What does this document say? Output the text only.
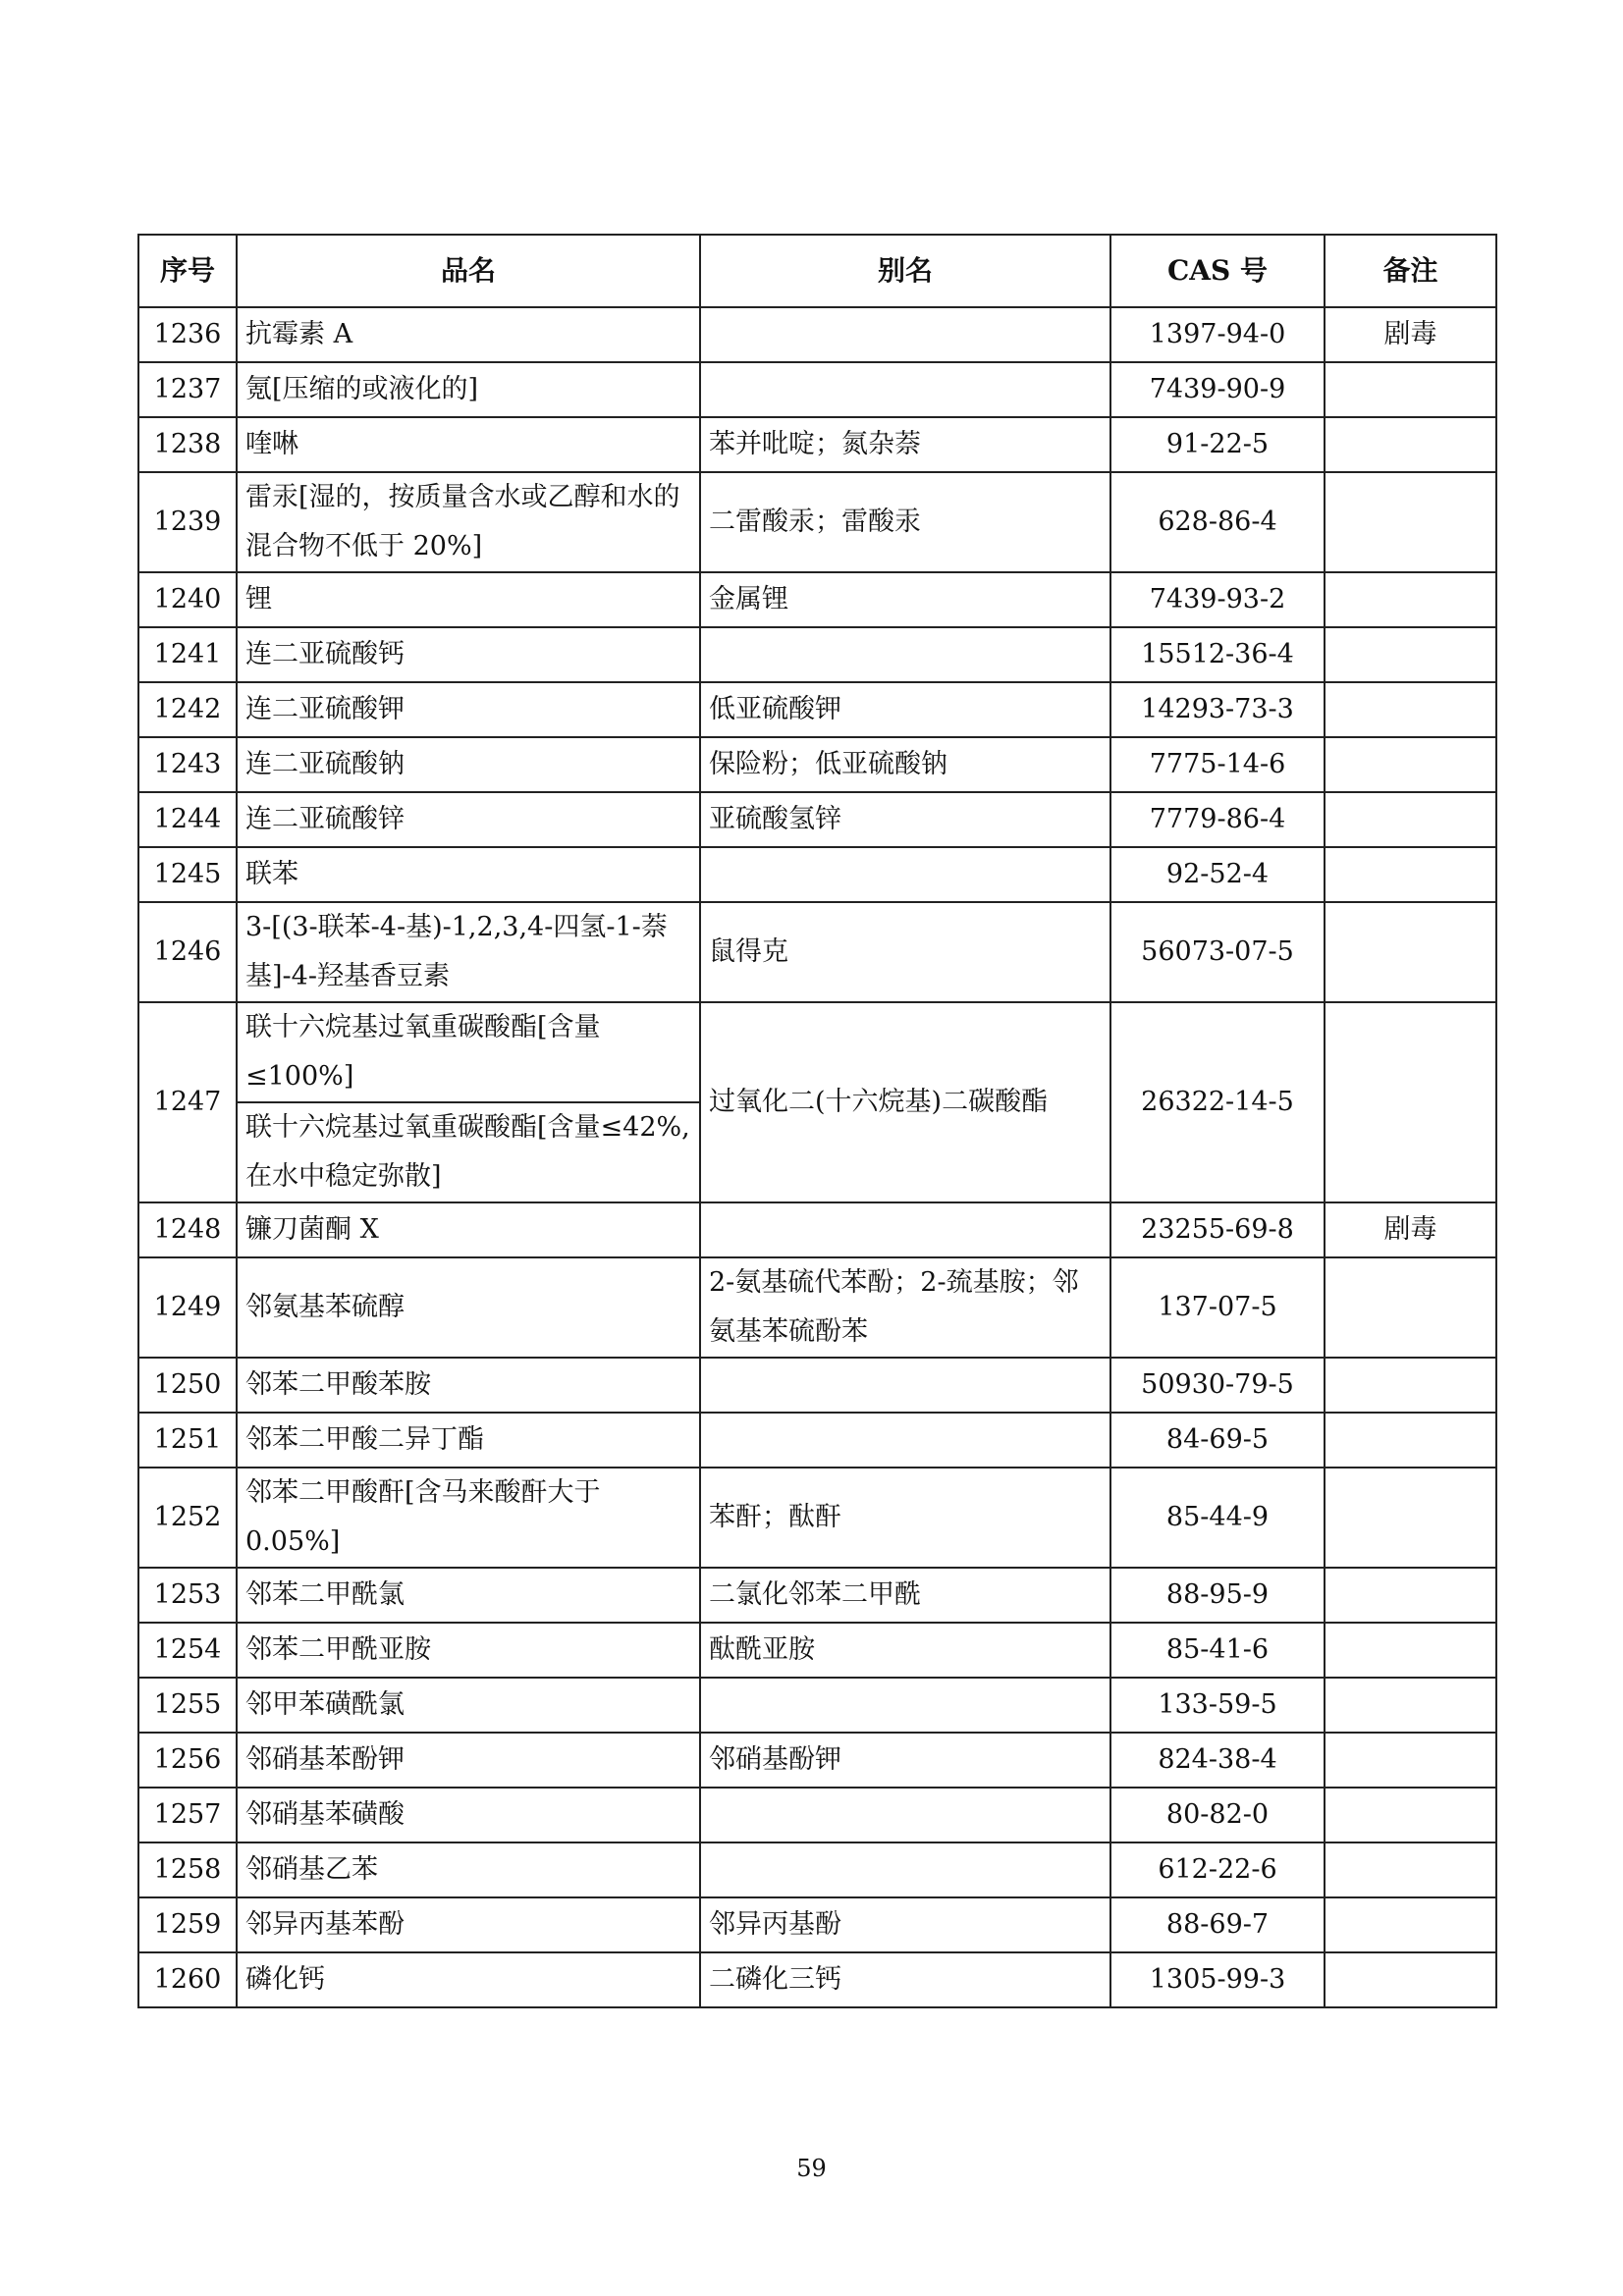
序号	品名	别名	CAS 号	备注
1236	抗霉素 A		1397-94-0	剧毒
1237	氪[压缩的或液化的]		7439-90-9	
1238	喹啉	苯并吡啶；氮杂萘	91-22-5	
1239	雷汞[湿的，按质量含水或乙醇和水的混合物不低于 20%]	二雷酸汞；雷酸汞	628-86-4	
1240	锂	金属锂	7439-93-2	
1241	连二亚硫酸钙		15512-36-4	
1242	连二亚硫酸钾	低亚硫酸钾	14293-73-3	
1243	连二亚硫酸钠	保险粉；低亚硫酸钠	7775-14-6	
1244	连二亚硫酸锌	亚硫酸氢锌	7779-86-4	
1245	联苯		92-52-4	
1246	3-[(3-联苯-4-基)-1,2,3,4-四氢-1-萘基]-4-羟基香豆素	鼠得克	56073-07-5	
1247	联十六烷基过氧重碳酸酯[含量≤100%]	过氧化二(十六烷基)二碳酸酯	26322-14-5	
	联十六烷基过氧重碳酸酯[含量≤42%,在水中稳定弥散]			
1248	镰刀菌酮 X		23255-69-8	剧毒
1249	邻氨基苯硫醇	2-氨基硫代苯酚；2-巯基胺；邻氨基苯硫酚苯	137-07-5	
1250	邻苯二甲酸苯胺		50930-79-5	
1251	邻苯二甲酸二异丁酯		84-69-5	
1252	邻苯二甲酸酐[含马来酸酐大于 0.05%]	苯酐；酞酐	85-44-9	
1253	邻苯二甲酰氯	二氯化邻苯二甲酰	88-95-9	
1254	邻苯二甲酰亚胺	酞酰亚胺	85-41-6	
1255	邻甲苯磺酰氯		133-59-5	
1256	邻硝基苯酚钾	邻硝基酚钾	824-38-4	
1257	邻硝基苯磺酸		80-82-0	
1258	邻硝基乙苯		612-22-6	
1259	邻异丙基苯酚	邻异丙基酚	88-69-7	
1260	磷化钙	二磷化三钙	1305-99-3	
59
